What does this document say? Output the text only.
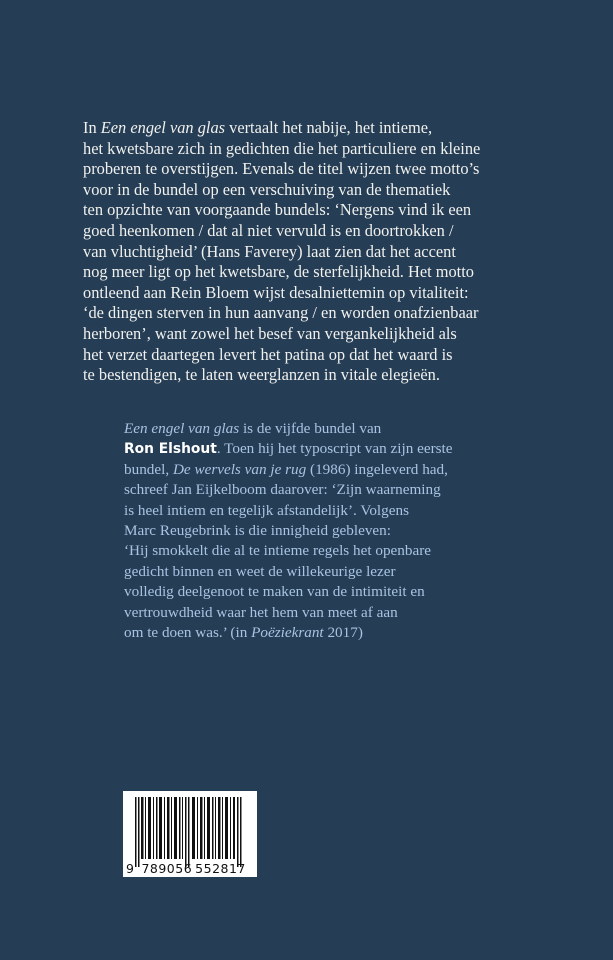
In Een engel van glas vertaalt het nabije, het intieme,
het kwetsbare zich in gedichten die het particuliere en kleine
proberen te overstijgen. Evenals de titel wijzen twee motto’s
voor in de bundel op een verschuiving van de thematiek
ten opzichte van voorgaande bundels: ‘Nergens vind ik een
goed heenkomen / dat al niet vervuld is en doortrokken /
van vluchtigheid’ (Hans Faverey) laat zien dat het accent
nog meer ligt op het kwetsbare, de sterfelijkheid. Het motto
ontleend aan Rein Bloem wijst desalniettemin op vitaliteit:
‘de dingen sterven in hun aanvang / en worden onafzienbaar
herboren’, want zowel het besef van vergankelijkheid als
het verzet daartegen levert het patina op dat het waard is
te bestendigen, te laten weerglanzen in vitale elegieën.
Een engel van glas is de vijfde bundel van
Ron Elshout. Toen hij het typoscript van zijn eerste
bundel, De wervels van je rug (1986) ingeleverd had,
schreef Jan Eijkelboom daarover: ‘Zijn waarneming
is heel intiem en tegelijk afstandelijk’. Volgens
Marc Reugebrink is die innigheid gebleven:
‘Hij smokkelt die al te intieme regels het openbare
gedicht binnen en weet de willekeurige lezer
volledig deelgenoot te maken van de intimiteit en
vertrouwdheid waar het hem van meet af aan
om te doen was.’ (in Poëziekrant 2017)
9 789056 552817
